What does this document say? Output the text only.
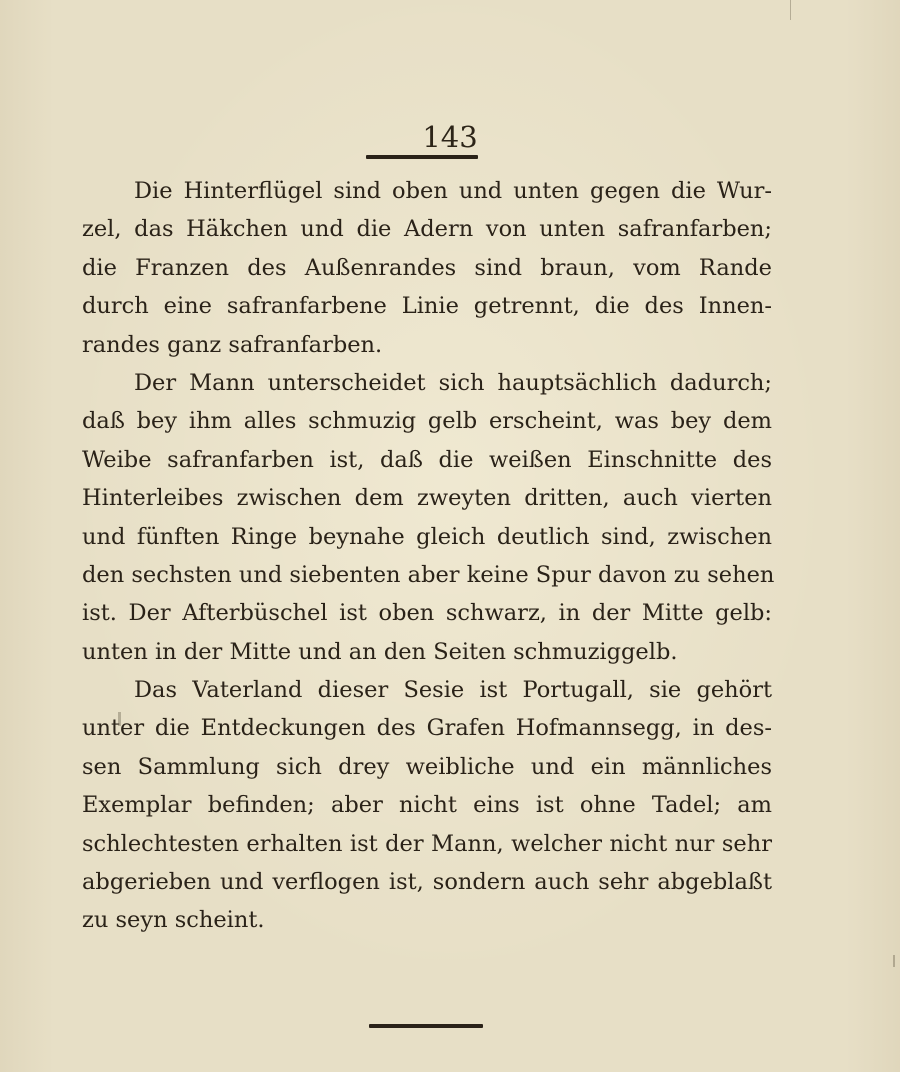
143
Die Hinterflügel sind oben und unten gegen die Wur-
zel, das Häkchen und die Adern von unten safranfarben;
die Franzen des Außenrandes sind braun, vom Rande
durch eine safranfarbene Linie getrennt, die des Innen-
randes ganz safranfarben.
Der Mann unterscheidet sich hauptsächlich dadurch;
daß bey ihm alles schmuzig gelb erscheint, was bey dem
Weibe safranfarben ist, daß die weißen Einschnitte des
Hinterleibes zwischen dem zweyten dritten, auch vierten
und fünften Ringe beynahe gleich deutlich sind, zwischen
den sechsten und siebenten aber keine Spur davon zu sehen
ist. Der Afterbüschel ist oben schwarz, in der Mitte gelb:
unten in der Mitte und an den Seiten schmuziggelb.
Das Vaterland dieser Sesie ist Portugall, sie gehört
unter die Entdeckungen des Grafen Hofmannsegg, in des-
sen Sammlung sich drey weibliche und ein männliches
Exemplar befinden; aber nicht eins ist ohne Tadel; am
schlechtesten erhalten ist der Mann, welcher nicht nur sehr
abgerieben und verflogen ist, sondern auch sehr abgeblaßt
zu seyn scheint.
